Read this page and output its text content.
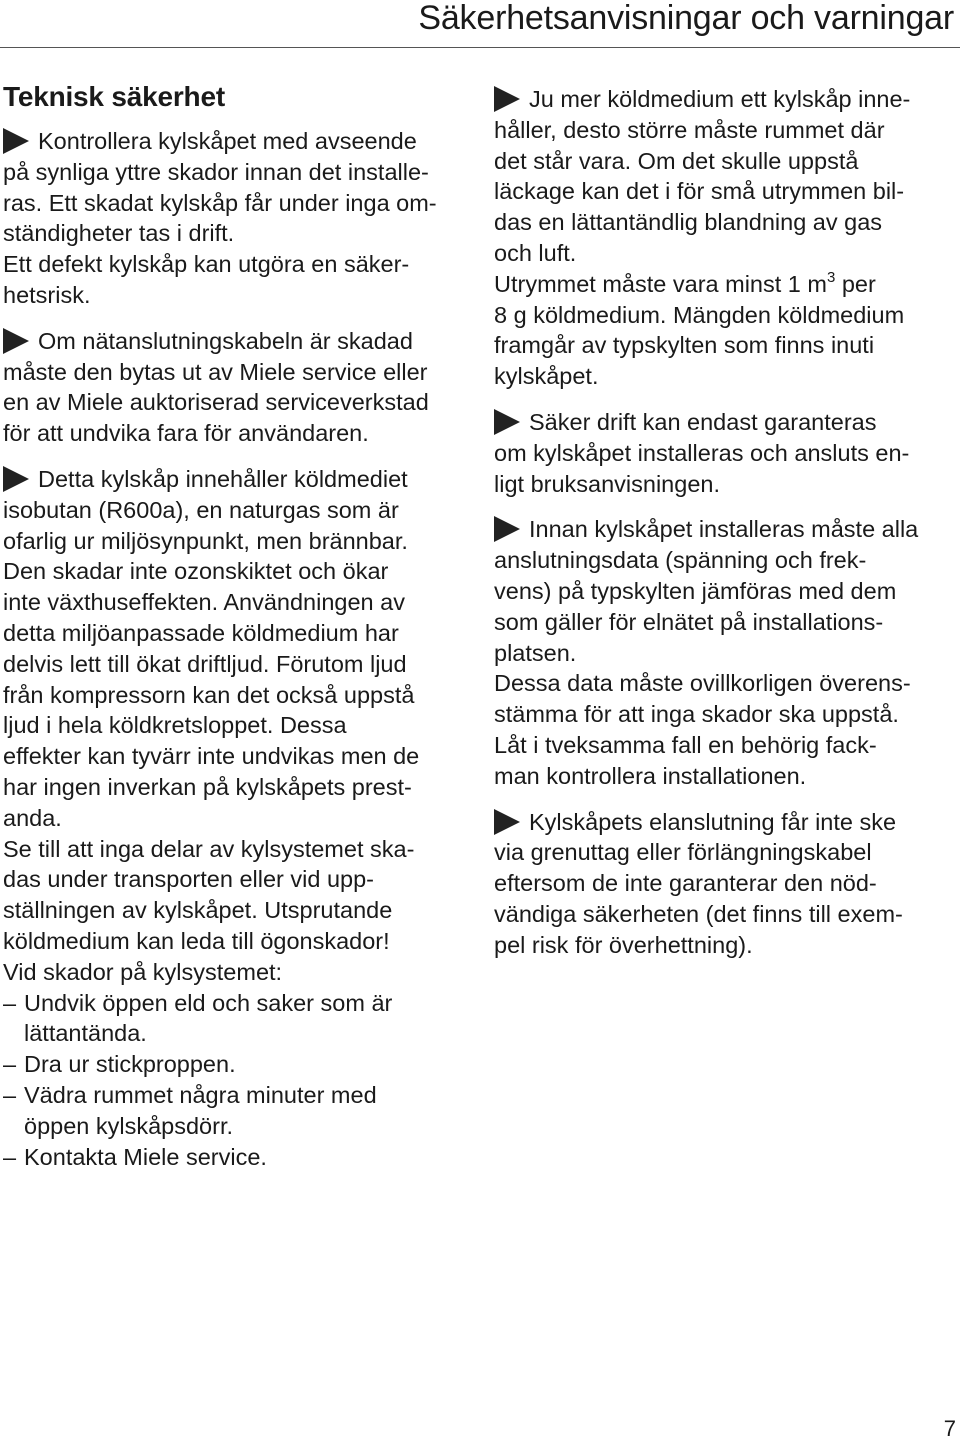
Säkerhetsanvisningar och varningar
Teknisk säkerhet
Kontrollera kylskåpet med avseende
på synliga yttre skador innan det installe-
ras. Ett skadat kylskåp får under inga om-
ständigheter tas i drift.
Ett defekt kylskåp kan utgöra en säker-
hetsrisk.
Om nätanslutningskabeln är skadad
måste den bytas ut av Miele service eller
en av Miele auktoriserad serviceverkstad
för att undvika fara för användaren.
Detta kylskåp innehåller köldmediet
isobutan (R600a), en naturgas som är
ofarlig ur miljösynpunkt, men brännbar.
Den skadar inte ozonskiktet och ökar
inte växthuseffekten. Användningen av
detta miljöanpassade köldmedium har
delvis lett till ökat driftljud. Förutom ljud
från kompressorn kan det också uppstå
ljud i hela köldkretsloppet. Dessa
effekter kan tyvärr inte undvikas men de
har ingen inverkan på kylskåpets prest-
anda.
Se till att inga delar av kylsystemet ska-
das under transporten eller vid upp-
ställningen av kylskåpet. Utsprutande
köldmedium kan leda till ögonskador!
Vid skador på kylsystemet:
– Undvik öppen eld och saker som är
lättantända.
– Dra ur stickproppen.
– Vädra rummet några minuter med
öppen kylskåpsdörr.
– Kontakta Miele service.
Ju mer köldmedium ett kylskåp inne-
håller, desto större måste rummet där
det står vara. Om det skulle uppstå
läckage kan det i för små utrymmen bil-
das en lättantändlig blandning av gas
och luft.
Utrymmet måste vara minst 1 $m^3$ per
8 g köldmedium. Mängden köldmedium
framgår av typskylten som finns inuti
kylskåpet.
Säker drift kan endast garanteras
om kylskåpet installeras och ansluts en-
ligt bruksanvisningen.
Innan kylskåpet installeras måste alla
anslutningsdata (spänning och frek-
vens) på typskylten jämföras med dem
som gäller för elnätet på installations-
platsen.
Dessa data måste ovillkorligen överens-
stämma för att inga skador ska uppstå.
Låt i tveksamma fall en behörig fack-
man kontrollera installationen.
Kylskåpets elanslutning får inte ske
via grenuttag eller förlängningskabel
eftersom de inte garanterar den nöd-
vändiga säkerheten (det finns till exem-
pel risk för överhettning).
7
